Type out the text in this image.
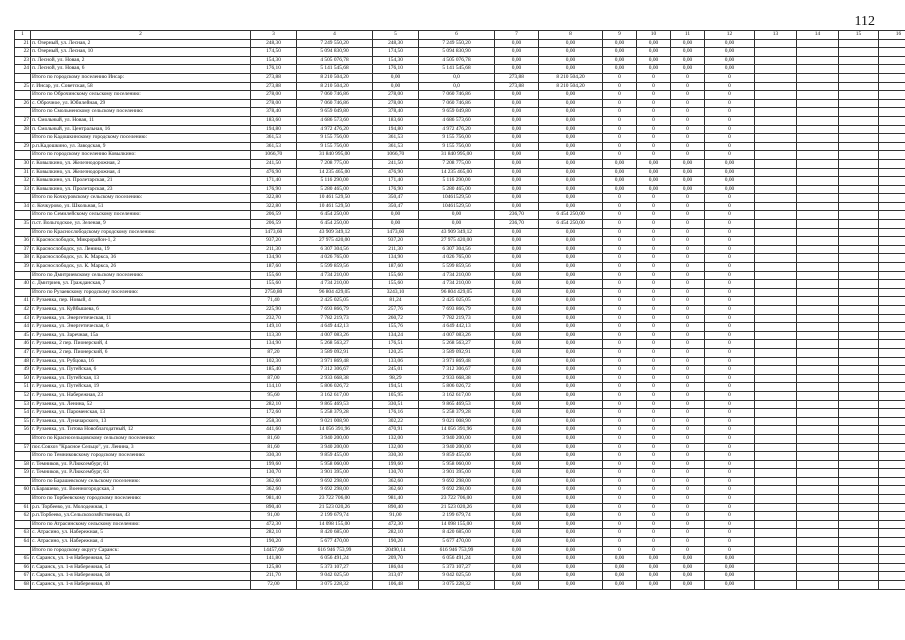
112
1	2	3	4	5	6	7	8	9	10	11	12	13	14	15	16
21	п. Озерный, ул. Лесная, 2	248,30	7 249 550,20	248,30	7 249 550,20	0,00	0,00	0,00	0,00	0,00	0,00				
22	п. Озерный, ул. Лесная, 10	174,50	5 094 830,90	174,50	5 094 830,90	0,00	0,00	0,00	0,00	0,00	0,00				
23	п. Лесной, ул. Новая, 2	154,30	4 505 076,78	154,30	4 505 076,78	0,00	0,00	0,00	0,00	0,00	0,00				
24	п. Лесной, ул. Новая, 6	176,10	5 141 545,68	176,10	5 141 545,68	0,00	0,00	0,00	0,00	0,00	0,00				
	Итого по городскому поселению Инсар:	273,88	8 210 504,20	0,00	0,0	273,88	8 210 504,20	0	0	0	0				
25	г. Инсар, ул. Советская, 58	273,88	8 210 504,20	0,00	0,0	273,88	8 210 504,20	0	0	0	0				
	Итого по Оброчинскому сельскому поселению:	278,00	7 060 746,86	278,00	7 060 746,86	0,00	0,00	0	0	0	0				
26	с. Оброчное, ул. Юбилейная, 29	278,00	7 060 746,86	278,00	7 060 746,86	0,00	0,00	0	0	0	0				
	Итого по Смольненскому сельскому поселению:	378,40	9 659 049,80	378,40	9 659 049,80	0,00	0,00	0	0	0	0				
27	п. Смольный, ул. Новая, 11	183,60	4 686 573,60	183,60	4 686 573,60	0,00	0,00	0	0	0	0				
28	п. Смольный, ул. Центральная, 16	194,80	4 972 476,20	194,80	4 972 476,20	0,00	0,00	0	0	0	0				
	Итого по Кадошкинскому городскому поселению:	361,53	9 155 756,00	361,53	9 155 756,00	0,00	0,00	0	0	0	0				
29	р.п.Кадошкино, ул. Заводская, 9	361,53	9 155 756,00	361,53	9 155 756,00	0,00	0,00	0	0	0	0				
	Итого по городскому поселению Ковылкино:	1066,70	31 840 995,00	1066,70	31 840 995,00	0,00	0,00	0	0	0	0				
30	г. Ковылкино, ул. Железнодорожная, 2	241,50	7 208 775,00	241,50	7 208 775,00	0,00	0,00	0,00	0,00	0,00	0,00				
31	г. Ковылкино, ул. Железнодорожная, 4	476,90	14 235 465,00	476,90	14 235 465,00	0,00	0,00	0,00	0,00	0,00	0,00				
32	г. Ковылкино, ул. Пролетарская, 21	171,40	5 116 290,00	171,40	5 116 290,00	0,00	0,00	0,00	0,00	0,00	0,00				
33	г. Ковылкино, ул. Пролетарская, 23	176,90	5 280 465,00	176,90	5 280 465,00	0,00	0,00	0,00	0,00	0,00	0,00				
	Итого по Кочкуровскому сельскому поселению:	322,80	10 461 529,50	350,47	10461529,50	0,00	0,00	0	0	0	0				
34	с. Кочкурово, ул. Школьная, 51	322,80	10 461 529,50	350,47	10461529,50	0,00	0,00	0	0	0	0				
	Итого по Семилейскому сельскому поселению:	206,59	6 454 250,00	0,00	0,00	236,70	6 454 250,00	0	0	0	0				
35	п.ст. Вольгодское, ул. Зеленая, 9	206,59	6 454 250,00	0,00	0,00	236,70	6 454 250,00	0	0	0	0				
	Итого по Краснослободскому городскому поселению:	1473,60	43 909 349,12	1473,60	43 909 349,12	0,00	0,00	0	0	0	0				
36	г. Краснослободск, Микрорайон-1, 2	937,20	27 975 420,00	937,20	27 975 420,00	0,00	0,00	0	0	0	0				
37	г. Краснослободск, ул. Ленина, 19	211,30	6 307 304,56	211,30	6 307 304,56	0,00	0,00	0	0	0	0				
38	г. Краснослободск, ул. К. Маркса, 36	134,90	4 026 765,00	134,90	4 026 765,00	0,00	0,00	0	0	0	0				
39	г. Краснослободск, ул. К. Маркса, 26	187,60	5 599 859,56	187,60	5 599 859,56	0,00	0,00	0	0	0	0				
	Итого по Дмитриевскому сельскому поселению:	155,60	4 734 210,00	155,60	4 734 210,00	0,00	0,00	0	0	0	0				
40	с. Дмитриев, ул. Гражданская, 7	155,60	4 734 210,00	155,60	4 734 210,00	0,00	0,00	0	0	0	0				
	Итого по Рузаевскому городскому поселению:	2750,80	96 804 429,05	3243,10	96 804 429,05	0,00	0,00	0	0	0	0				
41	г. Рузаевка, пер. Новый, 4	71,40	2 425 025,05	81,24	2 425 025,05	0,00	0,00	0	0	0	0				
42	г. Рузаевка, ул. Куйбышева, 6	225,90	7 693 866,79	257,76	7 693 866,79	0,00	0,00	0	0	0	0				
43	г. Рузаевка, ул. Энергетическая, 11	232,70	7 782 219,73	260,72	7 782 219,73	0,00	0,00	0	0	0	0				
44	г. Рузаевка, ул. Энергетическая, 6	149,10	4 649 442,13	155,76	4 649 442,13	0,00	0,00	0	0	0	0				
45	г. Рузаевка, ул. Заречная, 15а	113,30	4 007 083,26	134,24	4 007 083,26	0,00	0,00	0	0	0	0				
46	г. Рузаевка, 2 пер. Пионерский, 4	134,90	5 268 563,27	176,51	5 268 563,27	0,00	0,00	0	0	0	0				
47	г. Рузаевка, 2 пер. Пионерский, 6	87,20	3 589 092,91	120,25	3 589 092,91	0,00	0,00	0	0	0	0				
48	г. Рузаевка, ул. Рубцова, 16	102,30	3 971 869,48	133,06	3 971 869,48	0,00	0,00	0	0	0	0				
49	г. Рузаевка, ул. Путейская, 6	185,40	7 312 306,67	245,01	7 312 306,67	0,00	0,00	0	0	0	0				
50	г. Рузаевка, ул. Путейская, 13	87,00	2 933 668,38	98,29	2 933 668,38	0,00	0,00	0	0	0	0				
51	г. Рузаевка, ул. Путейская, 19	114,10	5 806 026,72	194,51	5 806 026,72	0,00	0,00	0	0	0	0				
52	г. Рузаевка, ул. Набережная, 23	95,60	3 162 617,00	105,95	3 162 617,00	0,00	0,00	0	0	0	0				
53	г. Рузаевка, ул. Ленина, 52	282,10	9 865 469,53	330,51	9 865 469,53	0,00	0,00	0	0	0	0				
54	г. Рузаевка, ул. Пароменская, 13	172,60	5 258 379,28	176,16	5 258 379,28	0,00	0,00	0	0	0	0				
55	г. Рузаевка, ул. Луначарского, 13	258,30	9 021 008,90	302,22	9 021 008,90	0,00	0,00	0	0	0	0				
56	г. Рузаевка, ул. Титова Новоблагодатный, 12	441,60	14 056 391,96	470,91	14 056 391,96	0,00	0,00	0	0	0	0				
	Итого по Красносельцовскому сельскому поселению:	81,60	3 940 200,00	132,00	3 940 200,00	0,00	0,00	0	0	0	0				
57	пос.Совхоз "Красное Сельцо", ул. Ленина, 3	81,60	3 940 200,00	132,00	3 940 200,00	0,00	0,00	0	0	0	0				
	Итого по Темниковскому городскому поселению:	330,30	9 859 455,00	330,30	9 859 455,00	0,00	0,00	0	0	0	0				
58	г. Темников, ул. Р.Люксембург, 61	199,60	5 958 060,00	199,60	5 958 060,00	0,00	0,00	0	0	0	0				
59	г. Темников, ул. Р.Люксембург, 63	130,70	3 901 395,00	130,70	3 901 395,00	0,00	0,00	0	0	0	0				
	Итого по Барашевскому сельскому поселению:	362,60	9 692 298,00	362,60	9 692 298,00	0,00	0,00	0	0	0	0				
60	п.Барашево, ул. Военногородская, 3	362,60	9 692 298,00	362,60	9 692 298,00	0,00	0,00	0	0	0	0				
	Итого по Торбеевскому городскому поселению:	981,40	23 722 706,00	981,40	23 722 706,00	0,00	0,00	0	0	0	0				
61	р.п. Торбеево, ул. Молодежная, 1	890,40	21 523 020,26	890,40	21 523 020,26	0,00	0,00	0	0	0	0				
62	р.п.Торбеево, ул.Сельскохозяйственная, 43	91,00	2 199 679,74	91,00	2 199 679,74	0,00	0,00	0	0	0	0				
	Итого по Атрасинскому сельскому поселению:	472,30	14 098 155,00	472,30	14 098 155,00	0,00	0,00	0	0	0	0				
63	с. Атрасино, ул. Набережная, 5	282,10	8 420 685,00	282,10	8 420 685,00	0,00	0,00	0	0	0	0				
64	с. Атрасино, ул. Набережная, 4	190,20	5 677 470,00	190,20	5 677 470,00	0,00	0,00	0	0	0	0				
	Итого по городскому округу Саранск:	14457,60	616 946 753,99	20490,14	616 946 753,99	0,00	0,00	0	0	0	0				
65	г. Саранск, ул. 1-я Набережная, 52	141,80	6 056 491,24	209,70	6 056 491,24	0,00	0,00	0,00	0,00	0,00	0,00				
66	г. Саранск, ул. 1-я Набережная, 54	125,80	5 373 107,27	186,04	5 373 107,27	0,00	0,00	0,00	0,00	0,00	0,00				
67	г. Саранск, ул. 1-я Набережная, 58	211,70	9 042 025,50	313,07	9 042 025,50	0,00	0,00	0,00	0,00	0,00	0,00				
68	г. Саранск, ул. 1-я Набережная, 40	72,00	3 075 228,32	106,48	3 075 228,32	0,00	0,00	0,00	0,00	0,00	0,00				
